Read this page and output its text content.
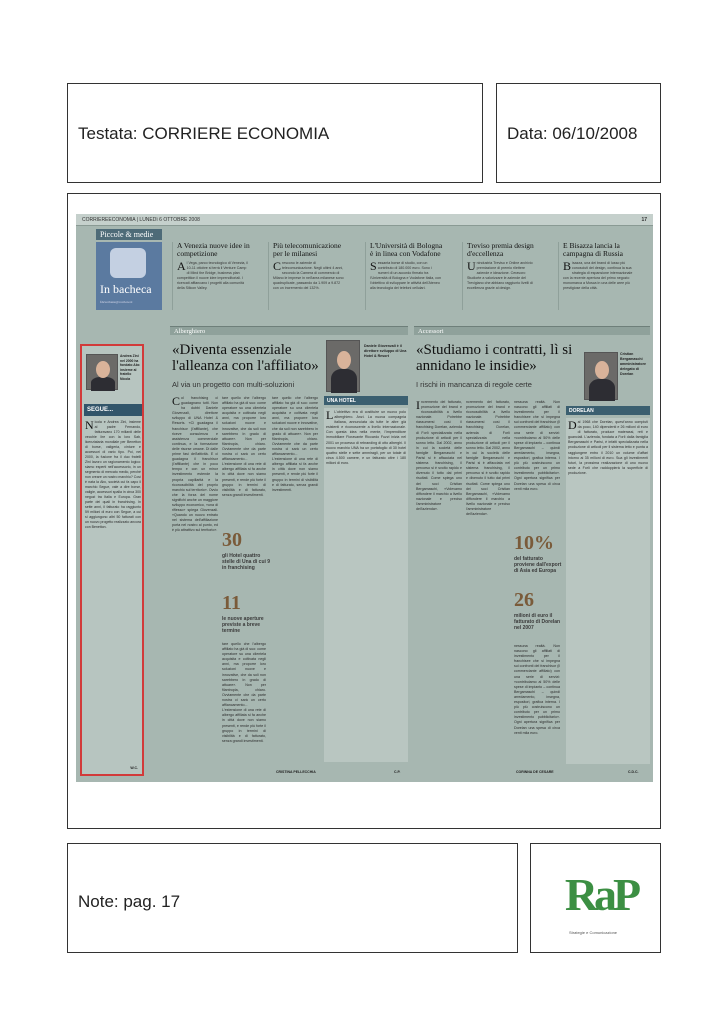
Testata: CORRIERE ECONOMIA	Data: 06/10/2008
CORRIEREECONOMIA | LUNEDì 6 OTTOBRE 2008	17
Piccole & medie
In bacheca
fdeverbenz@corriere.it
A Venezia nuove idee in competizione

Al Vega, parco tecnologico di Venezia, il 10-11 ottobre si terrà il Venture Camp di Mind the Bridge, business plan competition il nuove idee imprenditoriali. I ricercati affiancano i progetti alla comunità della Silicon Valley.

Più telecomunicazione per le milanesi

Crescono le aziende di telecomunicazione. Negli ultimi 4 anni, secondo la Camera di commercio di Milano le imprese in nell'area milanese sono quadruplicate, passando da 1.909 a 9.872 con un incremento del 132%.

L'Università di Bologna è in linea con Vodafone

Sessanta borse di studio, con un contributo di 180.000 euro. Sono i numeri di un accordo firmato tra l'Università di Bologna e Vodafone Italia, con l'obiettivo di sviluppare le attività dell'Ateneo alla tecnologia dei telefoni cellulari.

Treviso premia design d'eccellenza

Unindustria Treviso e Online archivio premiazione di premio rilettere aziende e ideazione. Ceravoro Studiorte a valorizzare le aziende del Trevigiano che abbiano raggiunto livelli di eccellenza grazie al design.

E Bisazza lancia la campagna di Russia

Bisazza, una dei brand di lusso più conosciuti del design, continua la sua strategia di espansione internazionale con la recente apertura del primo negozio monomarca a Mosca in una delle aree più prestigiose della città.

Alberghiero	Accessori
Andrea Zini nel 2000 ha fondato Abc insieme al fratello Nicola
SEGUE...
Nicola e Andrea Zini, insieme al padre Fernando, fatturavano 170 miliardi delle vecchie lire con la loro Sab, licenziataria mondiale per Benetton di borse, valigeria, cinture e accessori di vario tipo. Poi, nel 2000, la fusione fra il duo fratelli Zini lavoro un ragionamento logico: siamo esperti nell'accessorio, in un segmento di mercato medio, perché non creare un nostro marchio? Così è nata la Abc, società cui fa capo il marchio Segue, vale a dire borse, valigie, accessori spalla in circa 300 negozi tra Italia e Europa. Gran parte dei quali in franchising. In sette anni, il fatturato ha raggiunto 59 milioni di euro con Segue, a cui si aggiungono altri 50 fatturati con un nuovo progetto realizzato ancora con Benetton.
W.C.
«Diventa essenziale l'alleanza con l'affiliato»
Al via un progetto con multi-soluzioni
Daniele Giovenzali è il direttore sviluppo di Una Hotel & Resort
Col franchising ci guadagnano tutti. Non ha dubbi Daniele Giovenzali, direttore sviluppo di UNA Hotel & Resorts. «Ci guadagna il franchisor (l'affiliante), che riceve consulenza e assistenza commerciale continua, e la formazione delle risorse umane. Di dalle prime fasi dell'attività. E ci guadagna il franchisor (l'affiliante) che in poco tempo e con un minor investimento estende la propria capillarità e la riconoscibilità del proprio marchio sul territorio». Ovvio che la forza del nome significhi anche un maggiore sviluppo economico, «una di riflesso» spiega Giovenzali. «Quando un nuovo entrato nel sistema dell'affiliazione porta nel nostro al punto, ed è più attrattivo sul territorio». 30
gli Hotel quattro stelle di Una di cui 9 in franchising
11
le nuove aperture previste a breve termine
tare quello che l'albergo affiliato ha già di suo: come operatore su una clientela acquisita e coltivata negli anni, ma proporre loro soluzioni nuove e innovative, che da soli non sarebbero in grado di attuare». Non per filantropia, chiaro. Ovviamente che da parte nostra ci sarà un certo affiancamento... L'estensione di una rete di albergo affiliata si fa anche in città dove non siamo presenti, e rende più forte il gruppo in termini di visibilità e di fatturato, senza grandi investimenti.
tare quello che l'albergo affiliato ha già di suo: come operatore su una clientela acquisita e coltivata negli anni, ma proporre loro soluzioni nuove e innovative, che da soli non sarebbero in grado di attuare». Non per filantropia, chiaro. Ovviamente che da parte nostra ci sarà un certo affiancamento... L'estensione di una rete di albergo affiliata si fa anche in città dove non siamo presenti, e rende più forte il gruppo in termini di visibilità e di fatturato, senza grandi investimenti.
tare quello che l'albergo affiliato ha già di suo: come operatore su una clientela acquisita e coltivata negli anni, ma proporre loro soluzioni nuove e innovative, che da soli non sarebbero in grado di attuare». Non per filantropia, chiaro. Ovviamente che da parte nostra ci sarà un certo affiancamento... L'estensione di una rete di albergo affiliata si fa anche in città dove non siamo presenti, e rende più forte il gruppo in termini di visibilità e di fatturato, senza grandi investimenti.
UNA HOTEL
L L'obiettivo era di costituire un nuovo polo alberghiero. Anzi. La nuova compagnia italiana, annunciata da tutte le altre già esistenti e riconoscente a livello internazionale. Con questa idea nella mente, l'imprenditore immobiliare Fioravante Riccardo Fuzzi inizia nel 2001 un processo di rebranding di otto alberghi. Il nuovo marchio UNA ha un portafoglio di 30 hotel quattro stelle e sette ammiragli, per un totale di circa 4.500 camere, e un fatturato oltre i 180 milioni di euro.
CRISTINA PELLECCHIA	C.P.
«Studiamo i contratti, lì si annidano le insidie»
I rischi in mancanza di regole certe
Cristian Bergamaschi amministratore delegato di Dorelan
Incremento del fatturato, promozione del brand e riconoscibilità a livello nazionale. Potrebbe riassumersi così il franchising Dorelan, azienda di Forlì specializzata nella produzione di articoli per il sonno letto. Dal 2002, anno in cui la società delle famiglie Bergamaschi e Parisi si è affacciata nel sistema franchising, il percorso si è svolto rapido e divenuto il tutto dai primi risultati. Come spiega uno dei soci Cristian Bergamaschi, «Volevamo diffondere il marchio a livello nazionale e preciso l'amministratore dell'azienda».
ncremento del fatturato, promozione del brand e riconoscibilità a livello nazionale. Potrebbe riassumersi così il franchising Dorelan, azienda di Forlì specializzata nella produzione di articoli per il sonno letto. Dal 2002, anno in cui la società delle famiglie Bergamaschi e Parisi si è affacciata nel sistema franchising, il percorso si è svolto rapido e divenuto il tutto dai primi risultati. Come spiega uno dei soci Cristian Bergamaschi, «Volevamo diffondere il marchio a livello nazionale e preciso l'amministratore dell'azienda».
10%
del fatturato proviene dall'export di Asia ed Europa
26
milioni di euro il fatturato di Dorelan nel 2007
nessuna realtà. Non nascono gli affiliati di investimento per il franchisee che si impegna sui confronti del franchisor (il commerciante affiliato) con una serie di servizi: «contribuiamo al 50% delle spese di impianto – continua Bergamaschi – quindi arredamento, insegna, espositori, grafica interna. I più più costruiscono un contributo per un primo investimento pubblicitario». Ogni apertura significa per Dorelan una spesa di circa venti mila euro.
nessuna realtà. Non nascono gli affiliati di investimento per il franchisee che si impegna sui confronti del franchisor (il commerciante affiliato) con una serie di servizi: «contribuiamo al 50% delle spese di impianto – continua Bergamaschi – quindi arredamento, insegna, espositori, grafica interna. I più più costruiscono un contributo per un primo investimento pubblicitario». Ogni apertura significa per Dorelan una spesa di circa venti mila euro.
DORELAN
Dal 1968 che Dorelan, quest'anno compiuti da poco, 140 dipendenti e 26 milioni di euro di fatturato, produce materassi, reti e guanciali. L'azienda, fondata a Forlì dalla famiglia Bergamaschi e Parisi, è infatti specializzata nella produzione di articoli per il sistema letto e punta a raggiungere entro il 2010 un volume d'affari intorno ai 35 milioni di euro. Sua gli investimenti futuri, la prossima realizzazione di uno nuovo sede a Forlì che raddoppierà la superficie di produzione.
CORINNA DE CESARE	C.D.C.
Note: pag. 17	RaP
Strategie e Comunicazione
